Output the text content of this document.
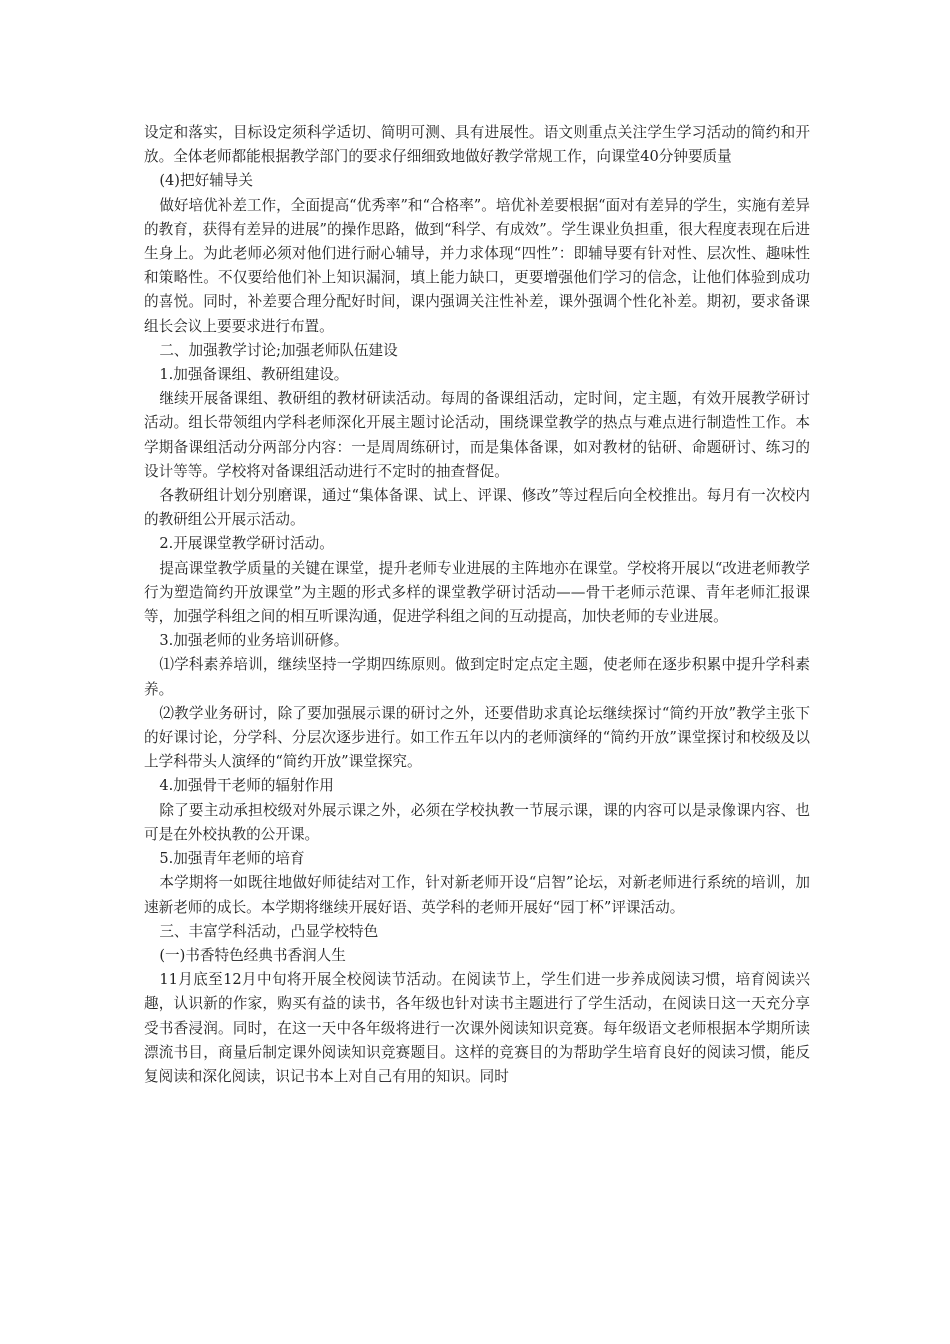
设定和落实，目标设定须科学适切、简明可测、具有进展性。语文则重点关注学生学习活动的简约和开放。全体老师都能根据教学部门的要求仔细细致地做好教学常规工作，向课堂40分钟要质量

(4)把好辅导关

做好培优补差工作，全面提高“优秀率”和“合格率”。培优补差要根据“面对有差异的学生，实施有差异的教育，获得有差异的进展”的操作思路，做到“科学、有成效”。学生课业负担重，很大程度表现在后进生身上。为此老师必须对他们进行耐心辅导，并力求体现“四性”：即辅导要有针对性、层次性、趣味性和策略性。不仅要给他们补上知识漏洞，填上能力缺口，更要增强他们学习的信念，让他们体验到成功的喜悦。同时，补差要合理分配好时间，课内强调关注性补差，课外强调个性化补差。期初，要求备课组长会议上要要求进行布置。

二、加强教学讨论;加强老师队伍建设

1.加强备课组、教研组建设。

继续开展备课组、教研组的教材研读活动。每周的备课组活动，定时间，定主题，有效开展教学研讨活动。组长带领组内学科老师深化开展主题讨论活动，围绕课堂教学的热点与难点进行制造性工作。本学期备课组活动分两部分内容：一是周周练研讨，而是集体备课，如对教材的钻研、命题研讨、练习的设计等等。学校将对备课组活动进行不定时的抽查督促。

各教研组计划分别磨课，通过“集体备课、试上、评课、修改”等过程后向全校推出。每月有一次校内的教研组公开展示活动。

2.开展课堂教学研讨活动。

提高课堂教学质量的关键在课堂，提升老师专业进展的主阵地亦在课堂。学校将开展以“改进老师教学行为塑造简约开放课堂”为主题的形式多样的课堂教学研讨活动——骨干老师示范课、青年老师汇报课等，加强学科组之间的相互听课沟通，促进学科组之间的互动提高，加快老师的专业进展。

3.加强老师的业务培训研修。

⑴学科素养培训，继续坚持一学期四练原则。做到定时定点定主题，使老师在逐步积累中提升学科素养。

⑵教学业务研讨，除了要加强展示课的研讨之外，还要借助求真论坛继续探讨“简约开放”教学主张下的好课讨论，分学科、分层次逐步进行。如工作五年以内的老师演绎的“简约开放”课堂探讨和校级及以上学科带头人演绎的“简约开放”课堂探究。

4.加强骨干老师的辐射作用

除了要主动承担校级对外展示课之外，必须在学校执教一节展示课，课的内容可以是录像课内容、也可是在外校执教的公开课。

5.加强青年老师的培育

本学期将一如既往地做好师徒结对工作，针对新老师开设“启智”论坛，对新老师进行系统的培训，加速新老师的成长。本学期将继续开展好语、英学科的老师开展好“园丁杯”评课活动。

三、丰富学科活动，凸显学校特色

(一)书香特色经典书香润人生

11月底至12月中旬将开展全校阅读节活动。在阅读节上，学生们进一步养成阅读习惯，培育阅读兴趣，认识新的作家，购买有益的读书，各年级也针对读书主题进行了学生活动，在阅读日这一天充分享受书香浸润。同时，在这一天中各年级将进行一次课外阅读知识竞赛。每年级语文老师根据本学期所读漂流书目，商量后制定课外阅读知识竞赛题目。这样的竞赛目的为帮助学生培育良好的阅读习惯，能反复阅读和深化阅读，识记书本上对自己有用的知识。同时
